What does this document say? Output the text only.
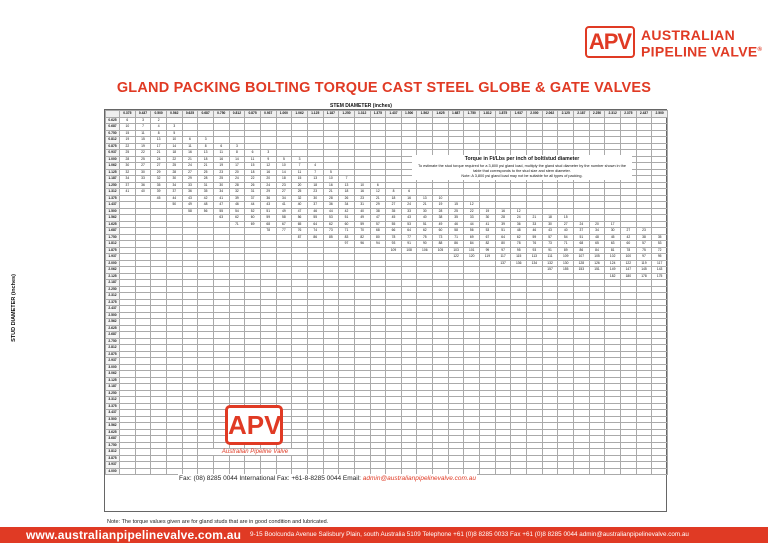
APV AUSTRALIAN
PIPELINE VALVE®
GLAND PACKING BOLTING TORQUE CAST STEEL GLOBE & GATE VALVES
STEM DIAMETER (inches)
STUD DIAMETER (inches)
	0.375	0.437	0.500	0.562	0.625	0.687	0.750	0.812	0.875	0.937	1.000	1.062	1.125	1.187	1.250	1.312	1.375	1.437	1.500	1.562	1.625	1.687	1.750	1.812	1.875	1.937	2.000	2.062	2.125	2.187	2.250	2.312	2.375	2.437	2.500
0.625	6	3	2																																
0.687	10	7	4	3																															
0.750	15	11	8	5																															
0.812	19	15	13	10	6	3																													
0.875	22	19	17	14	11	8	6	3																											
0.937	25	22	21	18	16	13	11	8	6	3																									
1.000	28	25	24	22	21	18	16	14	11	9	5	3																							
1.062	30	27	27	25	24	21	19	17	15	12	10	7	4																						
1.125	32	30	29	28	27	25	23	20	18	16	14	11	7	5																					
1.187	34	33	32	30	29	28	25	24	22	20	18	15	13	10	7																				
1.250	37	36	35	34	33	31	30	28	26	24	23	20	18	16	13	10	6																		
1.312	41	40	39	37	36	35	34	32	31	29	27	25	23	21	18	16	12	8	6																
1.375			45	44	43	42	41	39	37	36	34	32	30	28	26	23	21	18	16	13	10														
1.437				50	49	48	47	46	44	43	41	40	37	36	34	31	29	27	24	21	19	15	12												
1.500					58	56	55	54	52	51	49	47	46	44	42	40	38	35	33	30	28	25	22	19	16	12									
1.562							63	62	60	59	58	56	55	53	51	49	47	45	43	40	38	35	33	30	28	24	21	18	15						
1.625								71	69	68	67	65	64	62	60	59	57	55	53	51	49	46	44	41	39	36	33	30	27	24	20	17			
1.687										78	77	76	74	73	71	70	68	66	64	62	60	58	56	53	51	48	46	43	40	37	34	30	27	23	
1.750												87	86	85	83	82	80	78	77	75	73	71	69	67	64	62	59	57	54	51	48	45	42	38	35
1.812															97	96	94	93	91	90	88	86	84	82	80	78	76	73	71	68	65	63	60	57	53
1.875																		109	108	106	105	103	101	99	97	95	93	91	89	86	84	81	78	75	72
1.937																						122	120	119	117	115	113	111	109	107	105	102	100	97	95
2.000																									137	136	134	132	130	128	126	124	122	119	117
2.062																												157	155	153	151	149	147	145	143
2.125																																182	180	178	175
2.187																																			
2.250																																			
2.312																																			
2.375																																			
2.437																																			
2.500																																			
2.562																																			
2.625																																			
2.687																																			
2.750																																			
2.812																																			
2.875																																			
2.937																																			
3.000																																			
3.062																																			
3.125																																			
3.187																																			
3.250																																			
3.312																																			
3.375																																			
3.437																																			
3.500																																			
3.562																																			
3.625																																			
3.687																																			
3.750																																			
3.812																																			
3.875																																			
3.937																																			
4.000																																			
Torque in Ft/Lbs per inch of bolt/stud diameter
To estimate the stud torque required for a 3,800 psi gland load, multiply the gland stud diameter by the number shown in the table that corresponds to the stud size and stem diameter.
Note: A 3,800 psi gland load may not be suitable for all types of packing.
APV
Australian Pipeline Valve
Fax: (08) 8285 0044 International Fax: +61-8-8285 0044 Email: admin@australianpipelinevalve.com.au
Note: The torque values given are for gland studs that are in good condition and lubricated.
www.australianpipelinevalve.com.au 9-15 Boolcunda Avenue Salisbury Plain, south Australia 5109 Telephone +61 (0)8 8285 0033 Fax +61 (0)8 8285 0044 admin@australianpipelinevalve.com.au
